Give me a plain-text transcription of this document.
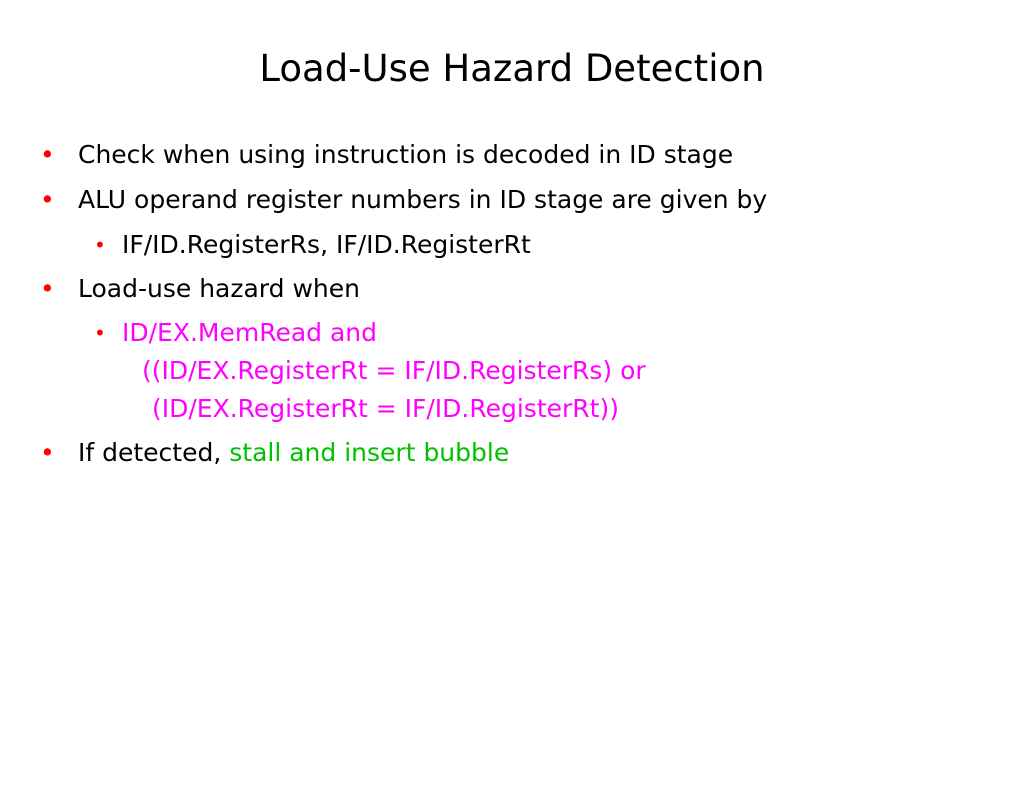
Load-Use Hazard Detection
• Check when using instruction is decoded in ID stage
• ALU operand register numbers in ID stage are given by
• IF/ID.RegisterRs, IF/ID.RegisterRt
• Load-use hazard when
• ID/EX.MemRead and
((ID/EX.RegisterRt = IF/ID.RegisterRs) or
(ID/EX.RegisterRt = IF/ID.RegisterRt))
• If detected, stall and insert bubble
